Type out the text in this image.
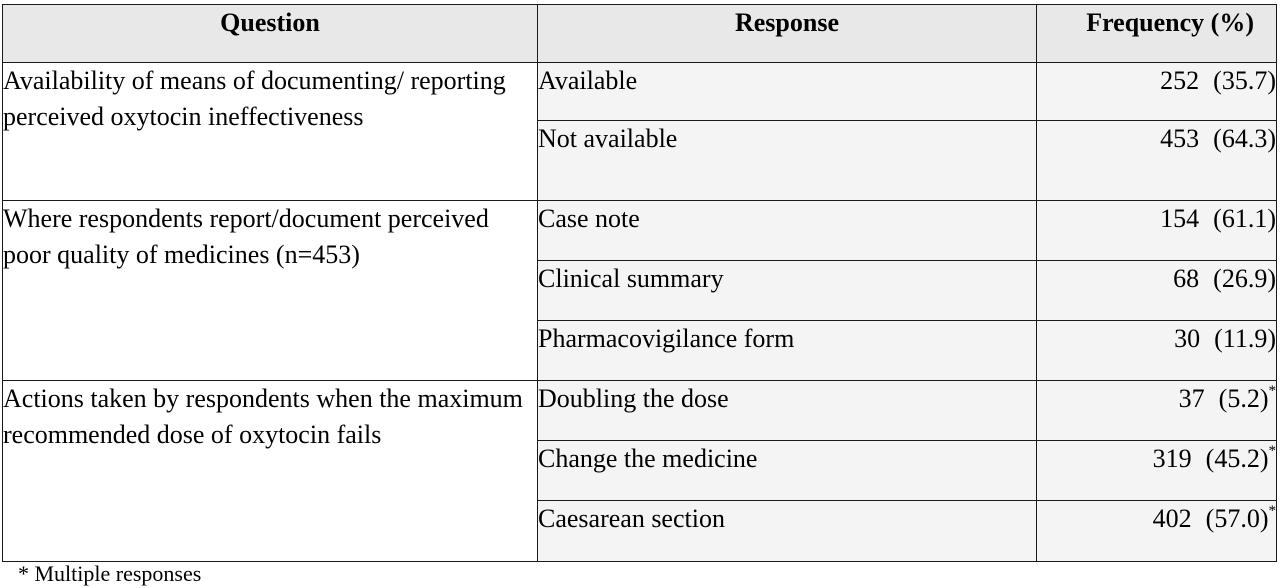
Question	Response	Frequency (%)
Availability of means of documenting/ reporting perceived oxytocin ineffectiveness	Available	252 (35.7)
	Not available	453 (64.3)
Where respondents report/document perceived poor quality of medicines (n=453)	Case note	154 (61.1)
	Clinical summary	68 (26.9)
	Pharmacovigilance form	30 (11.9)
Actions taken by respondents when the maximum recommended dose of oxytocin fails	Doubling the dose	37 (5.2)*
	Change the medicine	319 (45.2)*
	Caesarean section	402 (57.0)*
* Multiple responses
